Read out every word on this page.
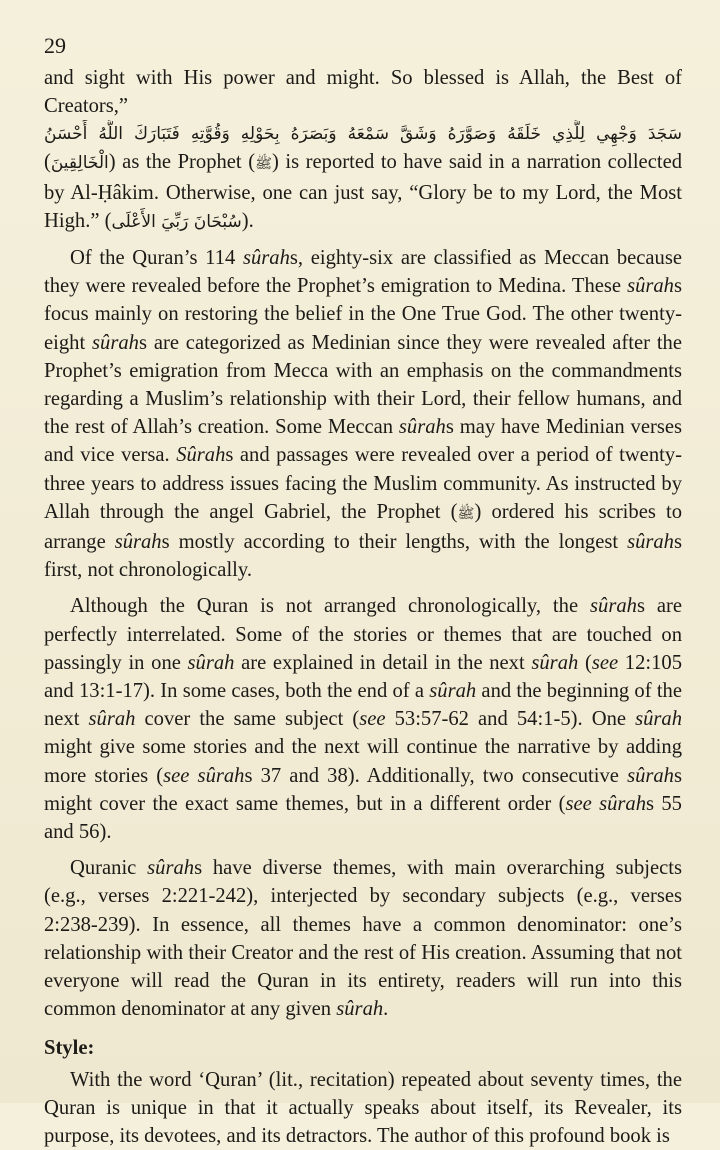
29

and sight with His power and might. So blessed is Allah, the Best of Creators,”

سَجَدَ وَجْهِي لِلَّذِي خَلَقَهُ وَصَوَّرَهُ وَشَقَّ سَمْعَهُ وَبَصَرَهُ بِحَوْلِهِ وَقُوَّتِهِ فَتَبَارَكَ اللَّهُ أَحْسَنُ

(الْخَالِقِينَ) as the Prophet (ﷺ) is reported to have said in a narration collected by Al-Ḥâkim. Otherwise, one can just say, “Glory be to my Lord, the Most High.” (سُبْحَانَ رَبِّيَ الأَعْلَى).

Of the Quran’s 114 sûrahs, eighty-six are classified as Meccan because they were revealed before the Prophet’s emigration to Medina. These sûrahs focus mainly on restoring the belief in the One True God. The other twenty-eight sûrahs are categorized as Medinian since they were revealed after the Prophet’s emigration from Mecca with an emphasis on the commandments regarding a Muslim’s relationship with their Lord, their fellow humans, and the rest of Allah’s creation. Some Meccan sûrahs may have Medinian verses and vice versa. Sûrahs and passages were revealed over a period of twenty-three years to address issues facing the Muslim community. As instructed by Allah through the angel Gabriel, the Prophet (ﷺ) ordered his scribes to arrange sûrahs mostly according to their lengths, with the longest sûrahs first, not chronologically.

Although the Quran is not arranged chronologically, the sûrahs are perfectly interrelated. Some of the stories or themes that are touched on passingly in one sûrah are explained in detail in the next sûrah (see 12:105 and 13:1-17). In some cases, both the end of a sûrah and the beginning of the next sûrah cover the same subject (see 53:57-62 and 54:1-5). One sûrah might give some stories and the next will continue the narrative by adding more stories (see sûrahs 37 and 38). Additionally, two consecutive sûrahs might cover the exact same themes, but in a different order (see sûrahs 55 and 56).

Quranic sûrahs have diverse themes, with main overarching subjects (e.g., verses 2:221-242), interjected by secondary subjects (e.g., verses 2:238-239). In essence, all themes have a common denominator: one’s relationship with their Creator and the rest of His creation. Assuming that not everyone will read the Quran in its entirety, readers will run into this common denominator at any given sûrah.

Style:

With the word ‘Quran’ (lit., recitation) repeated about seventy times, the Quran is unique in that it actually speaks about itself, its Revealer, its purpose, its devotees, and its detractors. The author of this profound book is
